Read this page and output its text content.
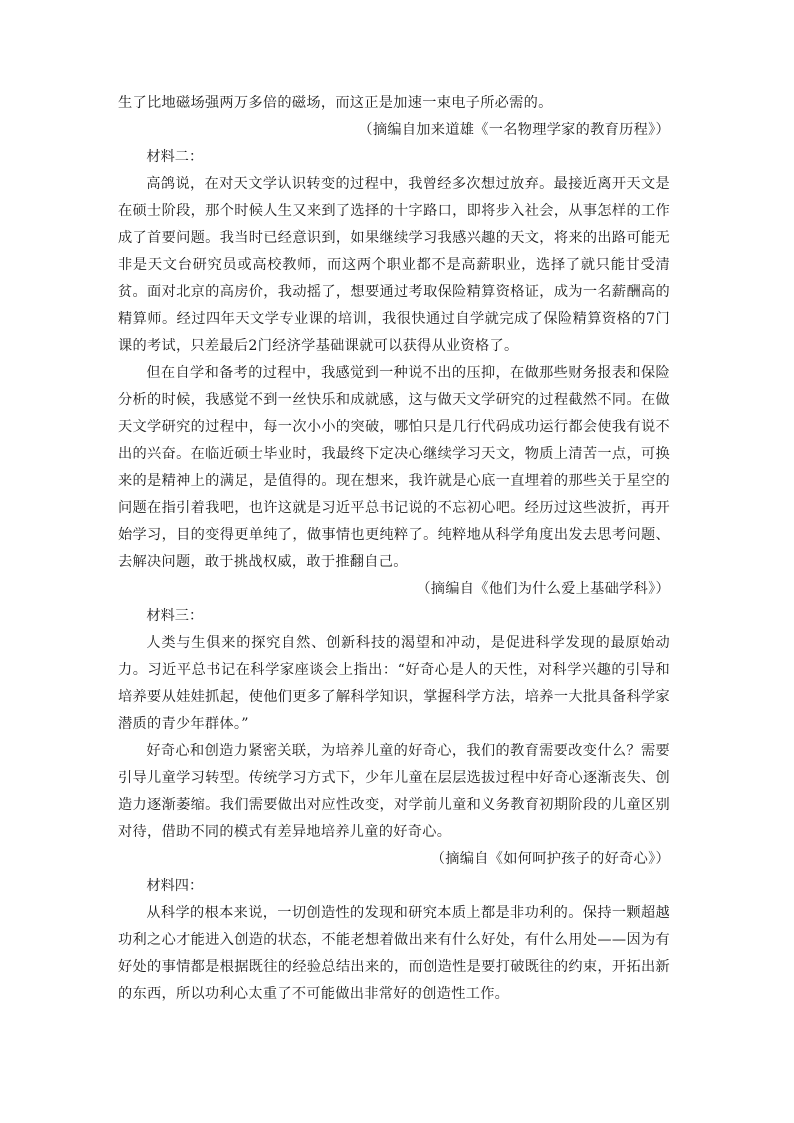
生了比地磁场强两万多倍的磁场，而这正是加速一束电子所必需的。

（摘编自加来道雄《一名物理学家的教育历程》）

材料二：

高鸽说，在对天文学认识转变的过程中，我曾经多次想过放弃。最接近离开天文是在硕士阶段，那个时候人生又来到了选择的十字路口，即将步入社会，从事怎样的工作成了首要问题。我当时已经意识到，如果继续学习我感兴趣的天文，将来的出路可能无非是天文台研究员或高校教师，而这两个职业都不是高薪职业，选择了就只能甘受清贫。面对北京的高房价，我动摇了，想要通过考取保险精算资格证，成为一名薪酬高的精算师。经过四年天文学专业课的培训，我很快通过自学就完成了保险精算资格的7门课的考试，只差最后2门经济学基础课就可以获得从业资格了。

但在自学和备考的过程中，我感觉到一种说不出的压抑，在做那些财务报表和保险分析的时候，我感觉不到一丝快乐和成就感，这与做天文学研究的过程截然不同。在做天文学研究的过程中，每一次小小的突破，哪怕只是几行代码成功运行都会使我有说不出的兴奋。在临近硕士毕业时，我最终下定决心继续学习天文，物质上清苦一点，可换来的是精神上的满足，是值得的。现在想来，我许就是心底一直埋着的那些关于星空的问题在指引着我吧，也许这就是习近平总书记说的不忘初心吧。经历过这些波折，再开始学习，目的变得更单纯了，做事情也更纯粹了。纯粹地从科学角度出发去思考问题、去解决问题，敢于挑战权威，敢于推翻自己。

（摘编自《他们为什么爱上基础学科》）

材料三：

人类与生俱来的探究自然、创新科技的渴望和冲动，是促进科学发现的最原始动力。习近平总书记在科学家座谈会上指出：“好奇心是人的天性，对科学兴趣的引导和培养要从娃娃抓起，使他们更多了解科学知识，掌握科学方法，培养一大批具备科学家潜质的青少年群体。”

好奇心和创造力紧密关联，为培养儿童的好奇心，我们的教育需要改变什么？需要引导儿童学习转型。传统学习方式下，少年儿童在层层选拔过程中好奇心逐渐丧失、创造力逐渐萎缩。我们需要做出对应性改变，对学前儿童和义务教育初期阶段的儿童区别对待，借助不同的模式有差异地培养儿童的好奇心。

（摘编自《如何呵护孩子的好奇心》）

材料四：

从科学的根本来说，一切创造性的发现和研究本质上都是非功利的。保持一颗超越功利之心才能进入创造的状态，不能老想着做出来有什么好处，有什么用处——因为有好处的事情都是根据既往的经验总结出来的，而创造性是要打破既往的约束，开拓出新的东西，所以功利心太重了不可能做出非常好的创造性工作。
